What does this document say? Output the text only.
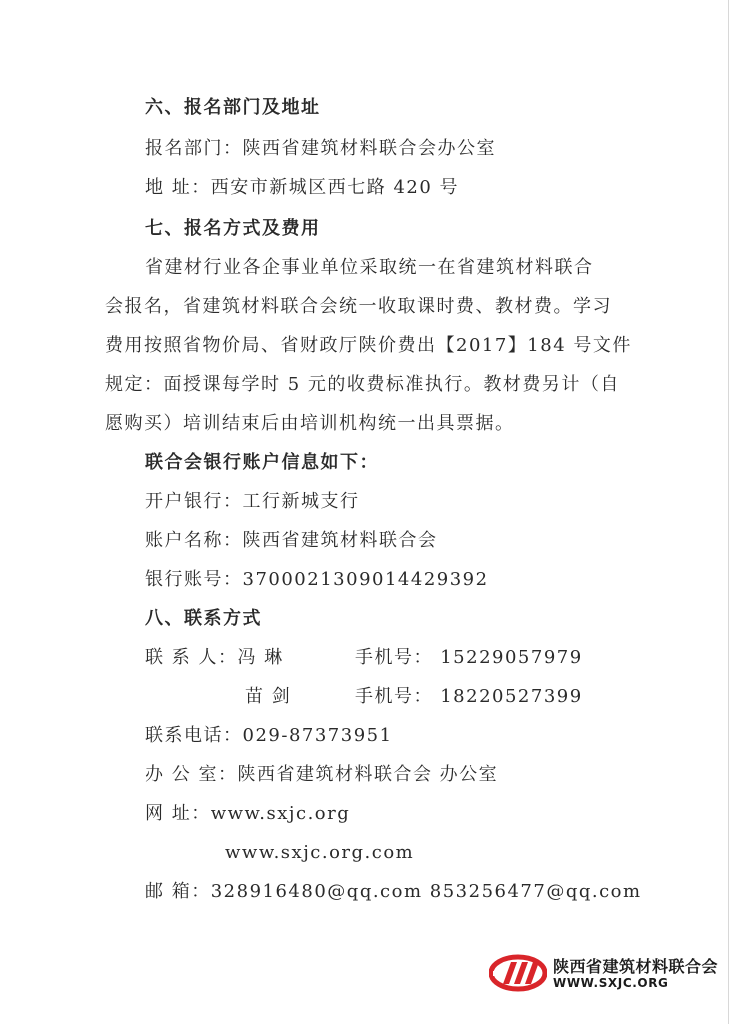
六、报名部门及地址
报名部门：陕西省建筑材料联合会办公室
地 址：西安市新城区西七路 420 号
七、报名方式及费用
省建材行业各企事业单位采取统一在省建筑材料联合
会报名，省建筑材料联合会统一收取课时费、教材费。学习
费用按照省物价局、省财政厅陕价费出【2017】184 号文件
规定：面授课每学时 5 元的收费标准执行。教材费另计（自
愿购买）培训结束后由培训机构统一出具票据。
联合会银行账户信息如下：
开户银行：工行新城支行
账户名称：陕西省建筑材料联合会
银行账号：3700021309014429392
八、联系方式
联 系 人：冯 琳	手机号： 15229057979
苗 剑	手机号： 18220527399
联系电话：029-87373951
办 公 室：陕西省建筑材料联合会 办公室
网 址：www.sxjc.org
www.sxjc.org.com
邮 箱：328916480@qq.com 853256477@qq.com
陕西省建筑材料联合会
WWW.SXJC.ORG
